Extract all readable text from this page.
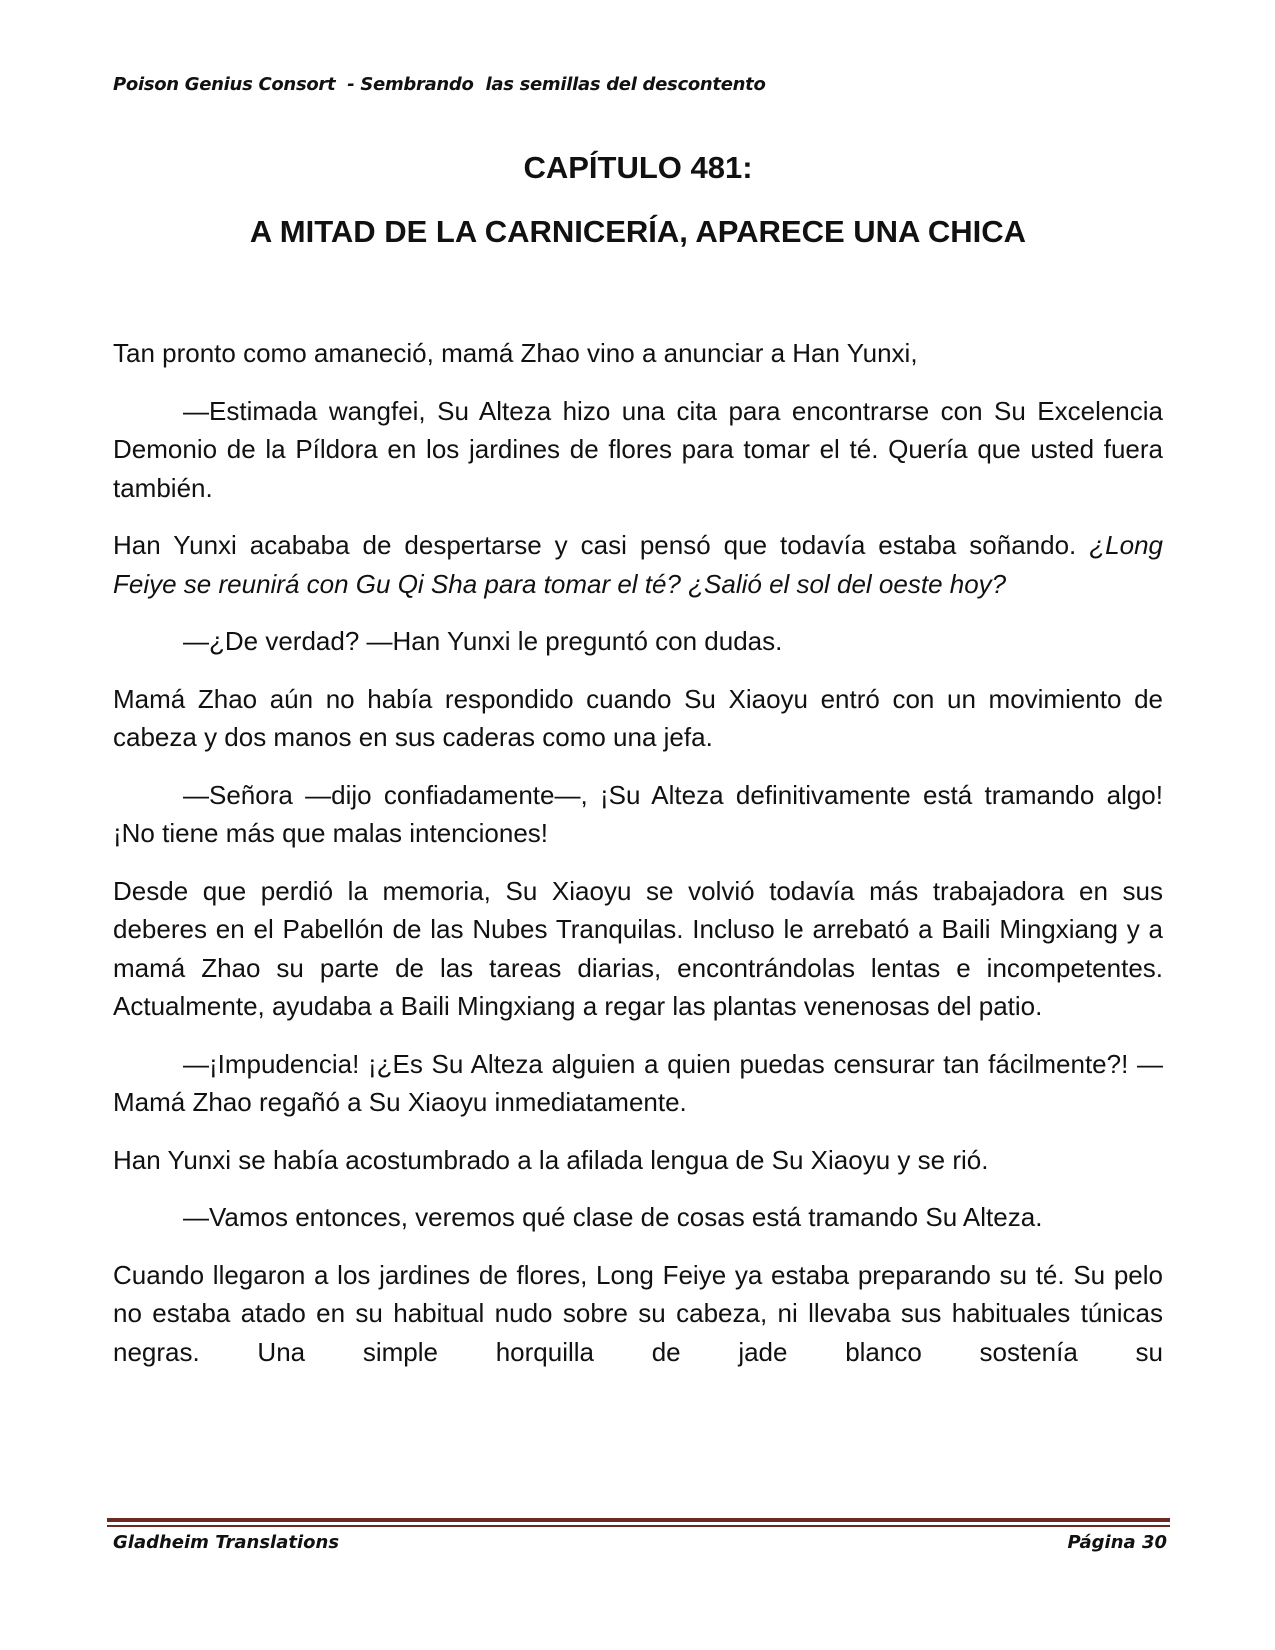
Poison Genius Consort  - Sembrando  las semillas del descontento
CAPÍTULO 481:
A MITAD DE LA CARNICERÍA, APARECE UNA CHICA

Tan pronto como amaneció, mamá Zhao vino a anunciar a Han Yunxi,

—Estimada wangfei, Su Alteza hizo una cita para encontrarse con Su Excelencia Demonio de la Píldora en los jardines de flores para tomar el té. Quería que usted fuera también.

Han Yunxi acababa de despertarse y casi pensó que todavía estaba soñando. ¿Long Feiye se reunirá con Gu Qi Sha para tomar el té? ¿Salió el sol del oeste hoy?

—¿De verdad? —Han Yunxi le preguntó con dudas.

Mamá Zhao aún no había respondido cuando Su Xiaoyu entró con un movimiento de cabeza y dos manos en sus caderas como una jefa.

—Señora —dijo confiadamente—, ¡Su Alteza definitivamente está tramando algo! ¡No tiene más que malas intenciones!

Desde que perdió la memoria, Su Xiaoyu se volvió todavía más trabajadora en sus deberes en el Pabellón de las Nubes Tranquilas. Incluso le arrebató a Baili Mingxiang y a mamá Zhao su parte de las tareas diarias, encontrándolas lentas e incompetentes. Actualmente, ayudaba a Baili Mingxiang a regar las plantas venenosas del patio.

—¡Impudencia! ¡¿Es Su Alteza alguien a quien puedas censurar tan fácilmente?! —Mamá Zhao regañó a Su Xiaoyu inmediatamente.

Han Yunxi se había acostumbrado a la afilada lengua de Su Xiaoyu y se rió.

—Vamos entonces, veremos qué clase de cosas está tramando Su Alteza.

Cuando llegaron a los jardines de flores, Long Feiye ya estaba preparando su té. Su pelo no estaba atado en su habitual nudo sobre su cabeza, ni llevaba sus habituales túnicas negras. Una simple horquilla de jade blanco sostenía su

Gladheim Translations	Página 30
